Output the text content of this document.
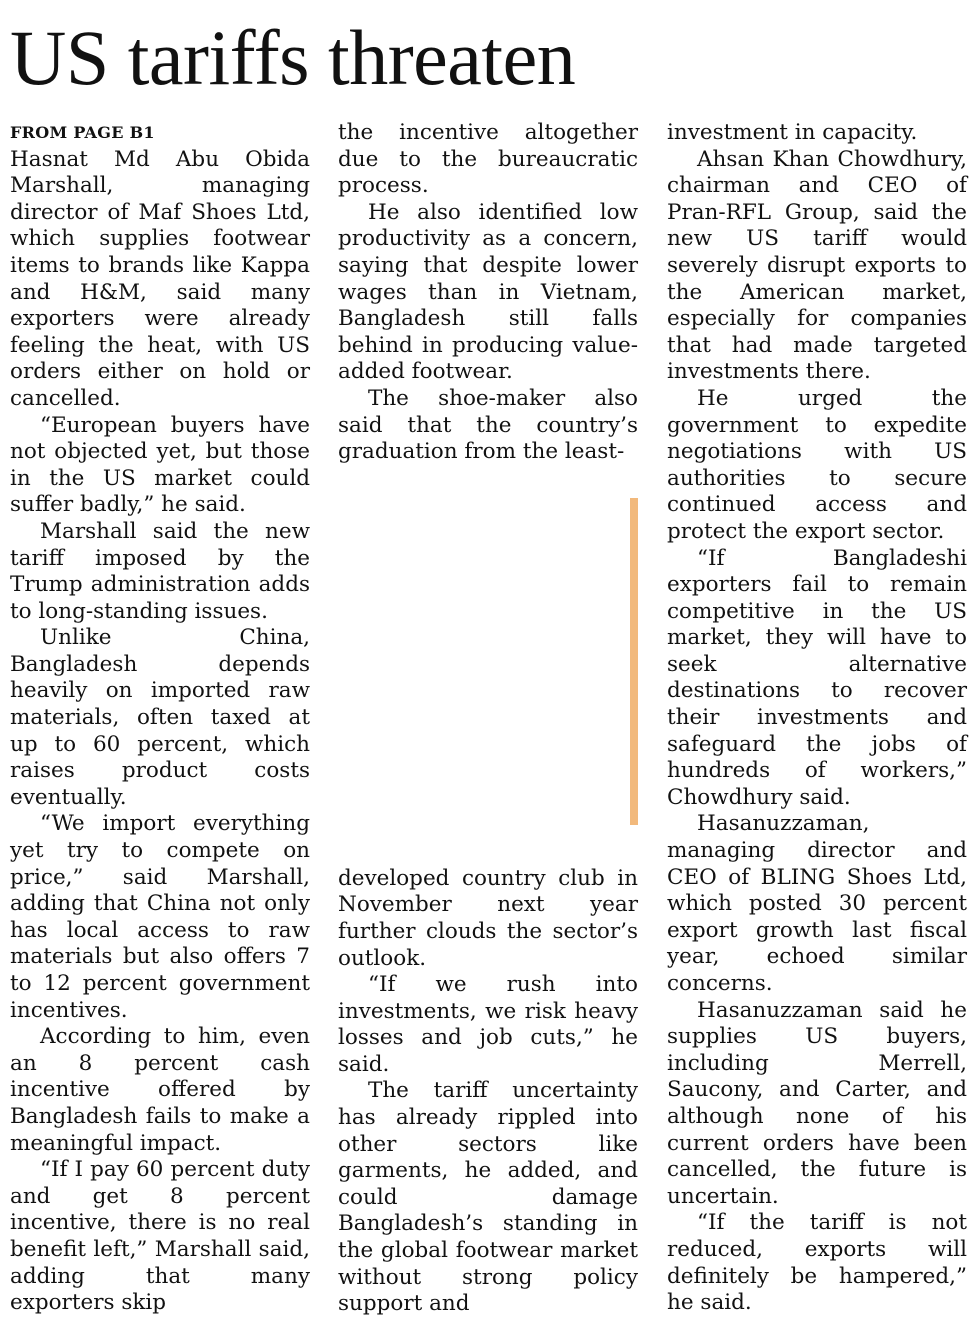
US tariffs threaten
FROM PAGE B1

Hasnat Md Abu Obida Marshall, managing director of Maf Shoes Ltd, which supplies footwear items to brands like Kappa and H&M, said many exporters were already feeling the heat, with US orders either on hold or cancelled.

“European buyers have not objected yet, but those in the US market could suffer badly,” he said.

Marshall said the new tariff imposed by the Trump administration adds to long-standing issues.

Unlike China, Bangladesh depends heavily on imported raw materials, often taxed at up to 60 percent, which raises product costs eventually.

“We import everything yet try to compete on price,” said Marshall, adding that China not only has local access to raw materials but also offers 7 to 12 percent government incentives.

According to him, even an 8 percent cash incentive offered by Bangladesh fails to make a meaningful impact.

“If I pay 60 percent duty and get 8 percent incentive, there is no real benefit left,” Marshall said, adding that many exporters skip

the incentive altogether due to the bureaucratic process.

He also identified low productivity as a concern, saying that despite lower wages than in Vietnam, Bangladesh still falls behind in producing value-added footwear.

The shoe-maker also said that the country’s graduation from the least-

developed country club in November next year further clouds the sector’s outlook.

“If we rush into investments, we risk heavy losses and job cuts,” he said.

The tariff uncertainty has already rippled into other sectors like garments, he added, and could damage Bangladesh’s standing in the global footwear market without strong policy support and

investment in capacity.

Ahsan Khan Chowdhury, chairman and CEO of Pran-RFL Group, said the new US tariff would severely disrupt exports to the American market, especially for companies that had made targeted investments there.

He urged the government to expedite negotiations with US authorities to secure continued access and protect the export sector.

“If Bangladeshi exporters fail to remain competitive in the US market, they will have to seek alternative destinations to recover their investments and safeguard the jobs of hundreds of workers,” Chowdhury said.

Hasanuzzaman, managing director and CEO of BLING Shoes Ltd, which posted 30 percent export growth last fiscal year, echoed similar concerns.

Hasanuzzaman said he supplies US buyers, including Merrell, Saucony, and Carter, and although none of his current orders have been cancelled, the future is uncertain.

“If the tariff is not reduced, exports will definitely be hampered,” he said.
